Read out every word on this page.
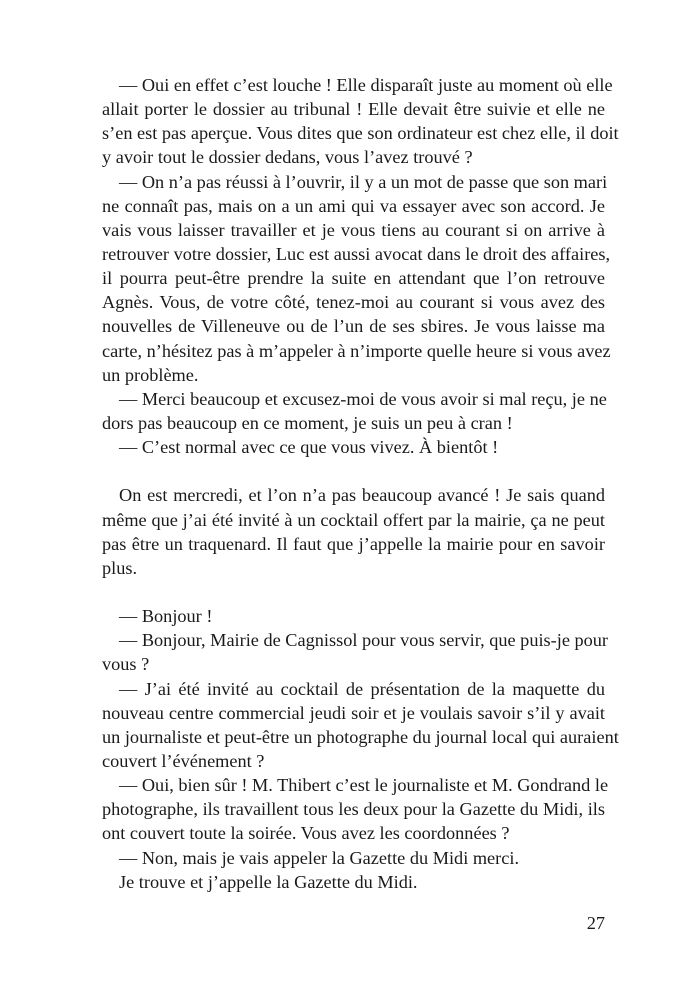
— Oui en effet c’est louche ! Elle disparaît juste au moment où elle
allait porter le dossier au tribunal ! Elle devait être suivie et elle ne
s’en est pas aperçue. Vous dites que son ordinateur est chez elle, il doit
y avoir tout le dossier dedans, vous l’avez trouvé ?
— On n’a pas réussi à l’ouvrir, il y a un mot de passe que son mari
ne connaît pas, mais on a un ami qui va essayer avec son accord. Je
vais vous laisser travailler et je vous tiens au courant si on arrive à
retrouver votre dossier, Luc est aussi avocat dans le droit des affaires,
il pourra peut-être prendre la suite en attendant que l’on retrouve
Agnès. Vous, de votre côté, tenez-moi au courant si vous avez des
nouvelles de Villeneuve ou de l’un de ses sbires. Je vous laisse ma
carte, n’hésitez pas à m’appeler à n’importe quelle heure si vous avez
un problème.
— Merci beaucoup et excusez-moi de vous avoir si mal reçu, je ne
dors pas beaucoup en ce moment, je suis un peu à cran !
— C’est normal avec ce que vous vivez. À bientôt !
On est mercredi, et l’on n’a pas beaucoup avancé ! Je sais quand
même que j’ai été invité à un cocktail offert par la mairie, ça ne peut
pas être un traquenard. Il faut que j’appelle la mairie pour en savoir
plus.
— Bonjour !
— Bonjour, Mairie de Cagnissol pour vous servir, que puis-je pour
vous ?
— J’ai été invité au cocktail de présentation de la maquette du
nouveau centre commercial jeudi soir et je voulais savoir s’il y avait
un journaliste et peut-être un photographe du journal local qui auraient
couvert l’événement ?
— Oui, bien sûr ! M. Thibert c’est le journaliste et M. Gondrand le
photographe, ils travaillent tous les deux pour la Gazette du Midi, ils
ont couvert toute la soirée. Vous avez les coordonnées ?
— Non, mais je vais appeler la Gazette du Midi merci.
Je trouve et j’appelle la Gazette du Midi.
27
